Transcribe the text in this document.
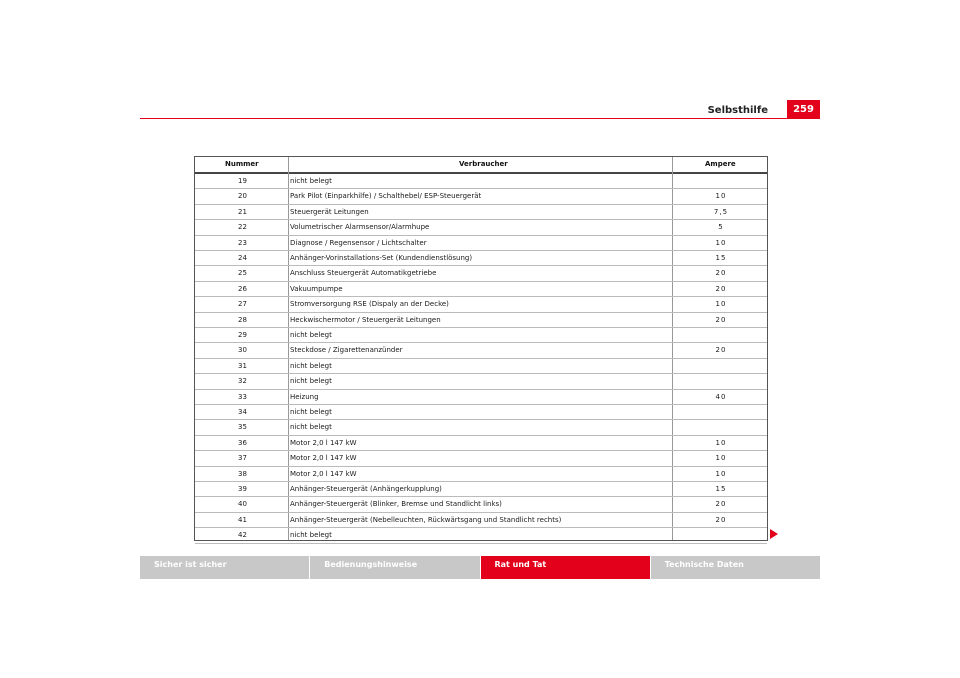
Selbsthilfe	259
Nummer	Verbraucher	Ampere
19	nicht belegt
20	Park Pilot (Einparkhilfe) / Schalthebel/ ESP-Steuergerät	10
21	Steuergerät Leitungen	7,5
22	Volumetrischer Alarmsensor/Alarmhupe	5
23	Diagnose / Regensensor / Lichtschalter	10
24	Anhänger-Vorinstallations-Set (Kundendienstlösung)	15
25	Anschluss Steuergerät Automatikgetriebe	20
26	Vakuumpumpe	20
27	Stromversorgung RSE (Dispaly an der Decke)	10
28	Heckwischermotor / Steuergerät Leitungen	20
29	nicht belegt
30	Steckdose / Zigarettenanzünder	20
31	nicht belegt
32	nicht belegt
33	Heizung	40
34	nicht belegt
35	nicht belegt
36	Motor 2,0 l 147 kW	10
37	Motor 2,0 l 147 kW	10
38	Motor 2,0 l 147 kW	10
39	Anhänger-Steuergerät (Anhängerkupplung)	15
40	Anhänger-Steuergerät (Blinker, Bremse und Standlicht links)	20
41	Anhänger-Steuergerät (Nebelleuchten, Rückwärtsgang und Standlicht rechts)	20
42	nicht belegt
Sicher ist sicher	Bedienungshinweise	Rat und Tat	Technische Daten
